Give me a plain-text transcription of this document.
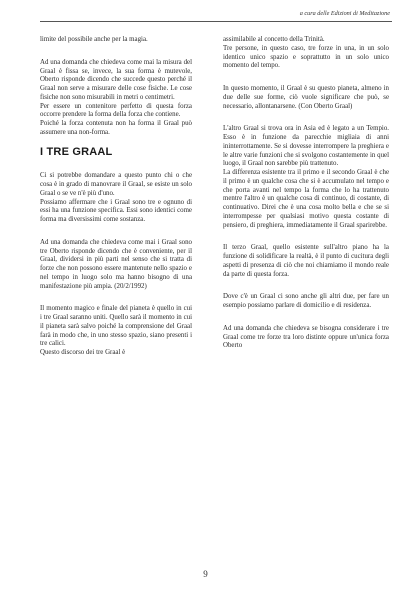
a cura delle Edizioni di Meditazione

limite del possibile anche per la magia.

Ad una domanda che chiedeva come mai la misura del Graal è fissa se, invece, la sua forma è mutevole, Oberto risponde dicendo che succede questo perché il Graal non serve a misurare delle cose fisiche. Le cose fisiche non sono misurabili in metri o centimetri.

Per essere un contenitore perfetto di questa forza occorre prendere la forma della forza che contiene.

Poiché la forza contenuta non ha forma il Graal può assumere una non-forma.

I TRE GRAAL

Ci si potrebbe domandare a questo punto chi o che cosa è in grado di manovrare il Graal, se esiste un solo Graal o se ve n'è più d'uno.

Possiamo affermare che i Graal sono tre e ognuno di essi ha una funzione specifica. Essi sono identici come forma ma diversissimi come sostanza.

Ad una domanda che chiedeva come mai i Graal sono tre Oberto risponde dicendo che è conveniente, per il Graal, dividersi in più parti nel senso che si tratta di forze che non possono essere mantenute nello spazio e nel tempo in luogo solo ma hanno bisogno di una manifestazione più ampia. (20/2/1992)

Il momento magico e finale del pianeta è quello in cui i tre Graal saranno uniti. Quello sarà il momento in cui il pianeta sarà salvo poiché la comprensione del Graal farà in modo che, in uno stesso spazio, siano presenti i tre calici.

Questo discorso dei tre Graal è

assimilabile al concetto della Trinità.

Tre persone, in questo caso, tre forze in una, in un solo identico unico spazio e soprattutto in un solo unico momento del tempo.

In questo momento, il Graal è su questo pianeta, almeno in due delle sue forme, ciò vuole significare che può, se necessario, allontanarsene. (Con Oberto Graal)

L'altro Graal si trova ora in Asia ed è legato a un Tempio. Esso è in funzione da parecchie migliaia di anni ininterrottamente. Se si dovesse interrompere la preghiera e le altre varie funzioni che si svolgono costantemente in quel luogo, il Graal non sarebbe più trattenuto.

La differenza esistente tra il primo e il secondo Graal è che il primo è un qualche cosa che si è accumulato nel tempo e che porta avanti nel tempo la forma che lo ha trattenuto mentre l'altro è un qualche cosa di continuo, di costante, di continuativo. Direi che è una cosa molto bella e che se si interrompesse per qualsiasi motivo questa costante di pensiero, di preghiera, immediatamente il Graal sparirebbe.

Il terzo Graal, quello esistente sull'altro piano ha la funzione di solidificare la realtà, è il punto di cucitura degli aspetti di presenza di ciò che noi chiamiamo il mondo reale da parte di questa forza.

Dove c'è un Graal ci sono anche gli altri due, per fare un esempio possiamo parlare di domicilio e di residenza.

Ad una domanda che chiedeva se bisogna considerare i tre Graal come tre forze tra loro distinte oppure un'unica forza Oberto

9
